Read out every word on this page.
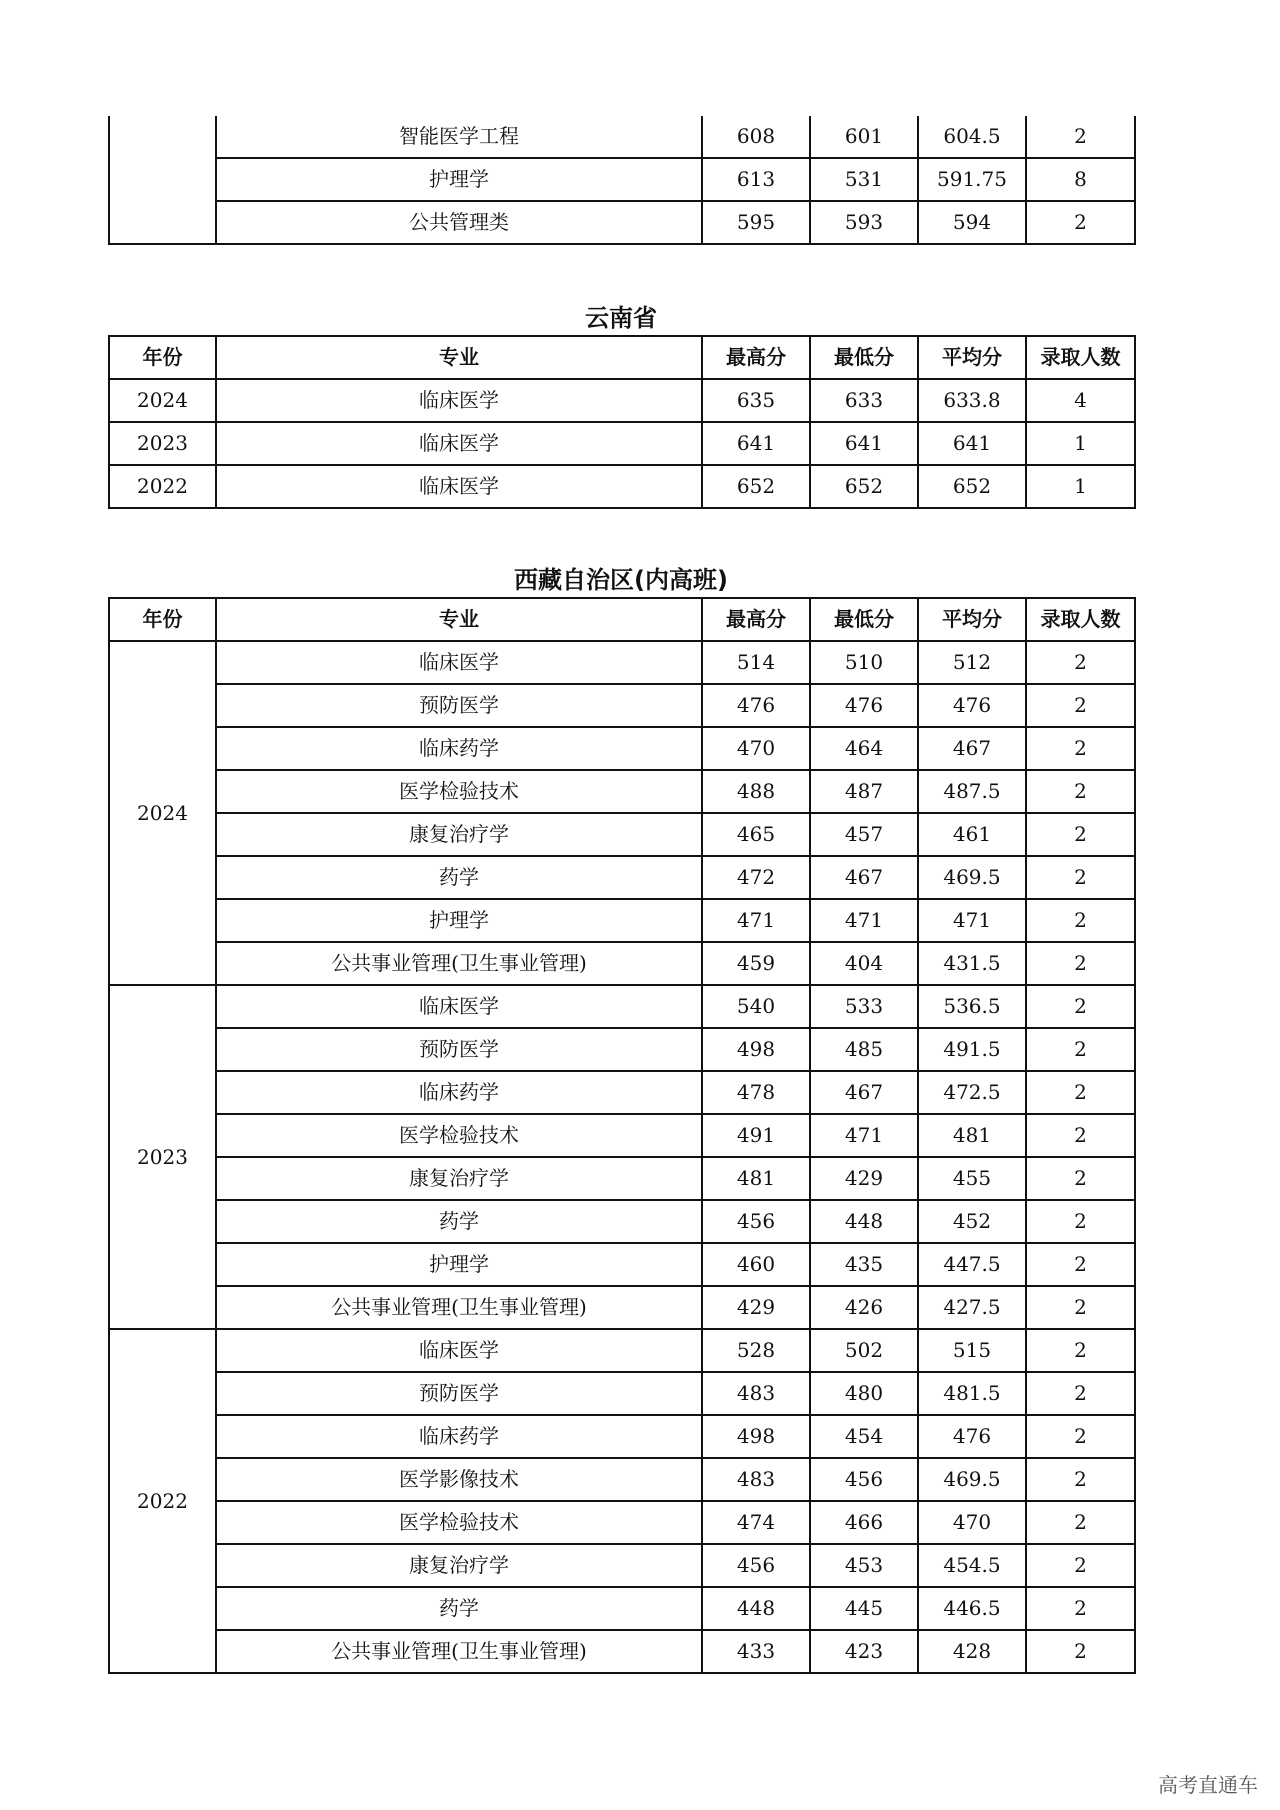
	智能医学工程	608	601	604.5	2
	护理学	613	531	591.75	8
	公共管理类	595	593	594	2
云南省
年份	专业	最高分	最低分	平均分	录取人数
2024	临床医学	635	633	633.8	4
2023	临床医学	641	641	641	1
2022	临床医学	652	652	652	1
西藏自治区(内高班)
年份	专业	最高分	最低分	平均分	录取人数
2024	临床医学	514	510	512	2
	预防医学	476	476	476	2
	临床药学	470	464	467	2
	医学检验技术	488	487	487.5	2
	康复治疗学	465	457	461	2
	药学	472	467	469.5	2
	护理学	471	471	471	2
	公共事业管理(卫生事业管理)	459	404	431.5	2
2023	临床医学	540	533	536.5	2
	预防医学	498	485	491.5	2
	临床药学	478	467	472.5	2
	医学检验技术	491	471	481	2
	康复治疗学	481	429	455	2
	药学	456	448	452	2
	护理学	460	435	447.5	2
	公共事业管理(卫生事业管理)	429	426	427.5	2
2022	临床医学	528	502	515	2
	预防医学	483	480	481.5	2
	临床药学	498	454	476	2
	医学影像技术	483	456	469.5	2
	医学检验技术	474	466	470	2
	康复治疗学	456	453	454.5	2
	药学	448	445	446.5	2
	公共事业管理(卫生事业管理)	433	423	428	2
高考直通车
